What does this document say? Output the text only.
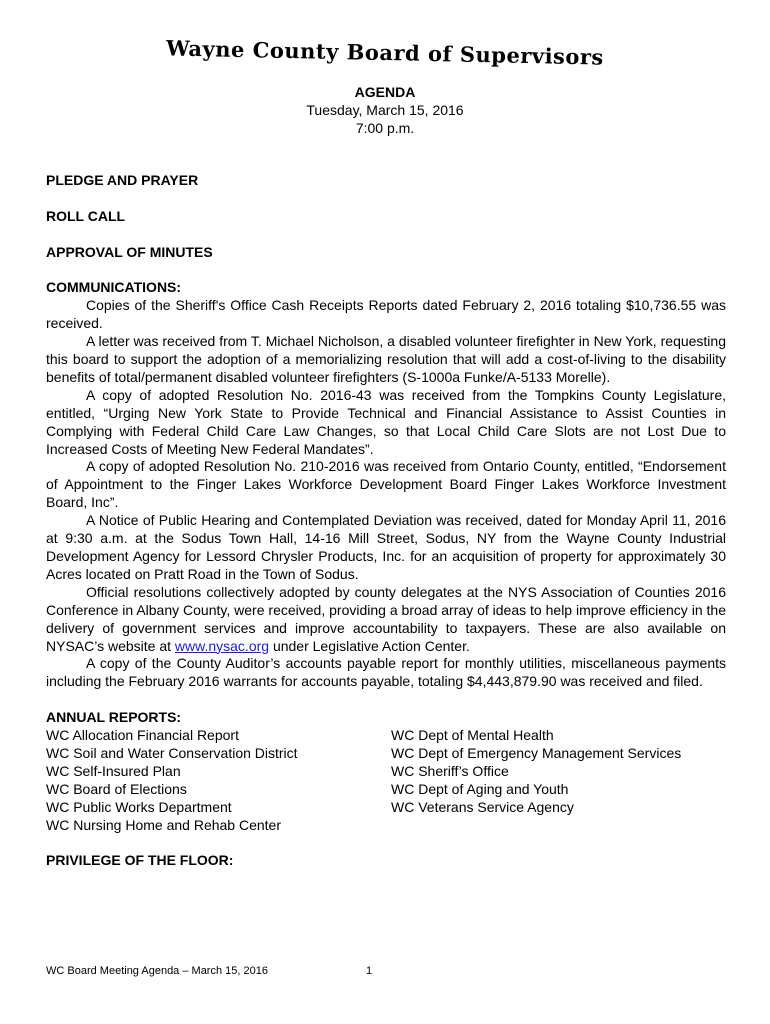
Wayne County Board of Supervisors
AGENDA
Tuesday, March 15, 2016
7:00 p.m.

PLEDGE AND PRAYER

ROLL CALL

APPROVAL OF MINUTES

COMMUNICATIONS:

Copies of the Sheriff's Office Cash Receipts Reports dated February 2, 2016 totaling $10,736.55 was received.

A letter was received from T. Michael Nicholson, a disabled volunteer firefighter in New York, requesting this board to support the adoption of a memorializing resolution that will add a cost-of-living to the disability benefits of total/permanent disabled volunteer firefighters (S-1000a Funke/A-5133 Morelle).

A copy of adopted Resolution No. 2016-43 was received from the Tompkins County Legislature, entitled, “Urging New York State to Provide Technical and Financial Assistance to Assist Counties in Complying with Federal Child Care Law Changes, so that Local Child Care Slots are not Lost Due to Increased Costs of Meeting New Federal Mandates”.

A copy of adopted Resolution No. 210-2016 was received from Ontario County, entitled, “Endorsement of Appointment to the Finger Lakes Workforce Development Board Finger Lakes Workforce Investment Board, Inc”.

A Notice of Public Hearing and Contemplated Deviation was received, dated for Monday April 11, 2016 at 9:30 a.m. at the Sodus Town Hall, 14-16 Mill Street, Sodus, NY from the Wayne County Industrial Development Agency for Lessord Chrysler Products, Inc. for an acquisition of property for approximately 30 Acres located on Pratt Road in the Town of Sodus.

Official resolutions collectively adopted by county delegates at the NYS Association of Counties 2016 Conference in Albany County, were received, providing a broad array of ideas to help improve efficiency in the delivery of government services and improve accountability to taxpayers. These are also available on NYSAC’s website at www.nysac.org under Legislative Action Center.

A copy of the County Auditor’s accounts payable report for monthly utilities, miscellaneous payments including the February 2016 warrants for accounts payable, totaling $4,443,879.90 was received and filed.

ANNUAL REPORTS:

WC Allocation Financial Report
WC Soil and Water Conservation District
WC Self-Insured Plan
WC Board of Elections
WC Public Works Department
WC Nursing Home and Rehab Center
WC Dept of Mental Health
WC Dept of Emergency Management Services
WC Sheriff’s Office
WC Dept of Aging and Youth
WC Veterans Service Agency

PRIVILEGE OF THE FLOOR:

WC Board Meeting Agenda – March 15, 2016	1
